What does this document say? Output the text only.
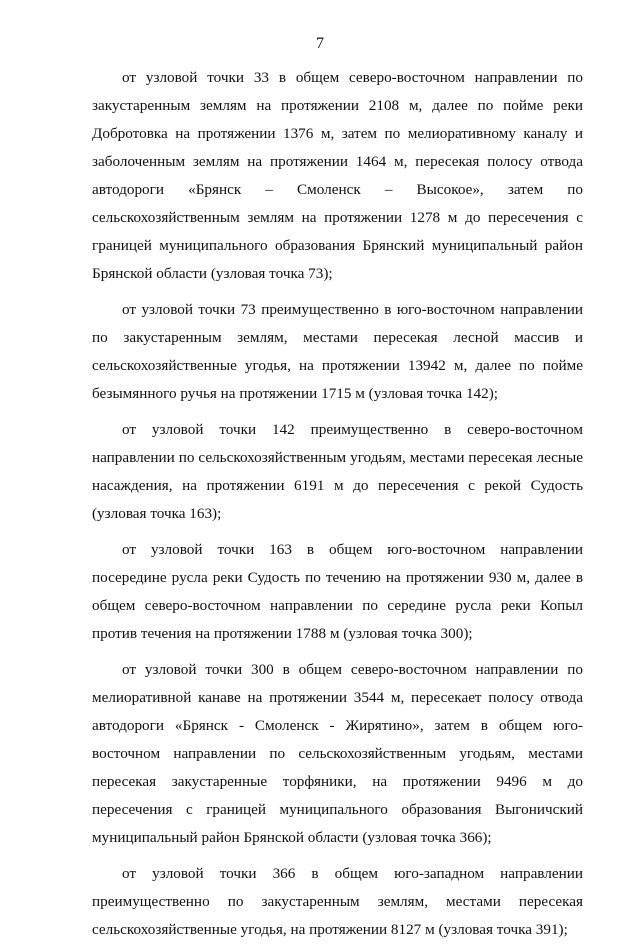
7

от узловой точки 33 в общем северо-восточном направлении по закустаренным землям на протяжении 2108 м, далее по пойме реки Добротовка на протяжении 1376 м, затем по мелиоративному каналу и заболоченным землям на протяжении 1464 м, пересекая полосу отвода автодороги «Брянск – Смоленск – Высокое», затем по сельскохозяйственным землям на протяжении 1278 м до пересечения с границей муниципального образования Брянский муниципальный район Брянской области (узловая точка 73);

от узловой точки 73 преимущественно в юго-восточном направлении по закустаренным землям, местами пересекая лесной массив и сельскохозяйственные угодья, на протяжении 13942 м, далее по пойме безымянного ручья на протяжении 1715 м (узловая точка 142);

от узловой точки 142 преимущественно в северо-восточном направлении по сельскохозяйственным угодьям, местами пересекая лесные насаждения, на протяжении 6191 м до пересечения с рекой Судость (узловая точка 163);

от узловой точки 163 в общем юго-восточном направлении посередине русла реки Судость по течению на протяжении 930 м, далее в общем северо-восточном направлении по середине русла реки Копыл против течения на протяжении 1788 м (узловая точка 300);

от узловой точки 300 в общем северо-восточном направлении по мелиоративной канаве на протяжении 3544 м, пересекает полосу отвода автодороги «Брянск - Смоленск - Жирятино», затем в общем юго-восточном направлении по сельскохозяйственным угодьям, местами пересекая закустаренные торфяники, на протяжении 9496 м до пересечения с границей муниципального образования Выгоничский муниципальный район Брянской области (узловая точка 366);

от узловой точки 366 в общем юго-западном направлении преимущественно по закустаренным землям, местами пересекая сельскохозяйственные угодья, на протяжении 8127 м (узловая точка 391);
